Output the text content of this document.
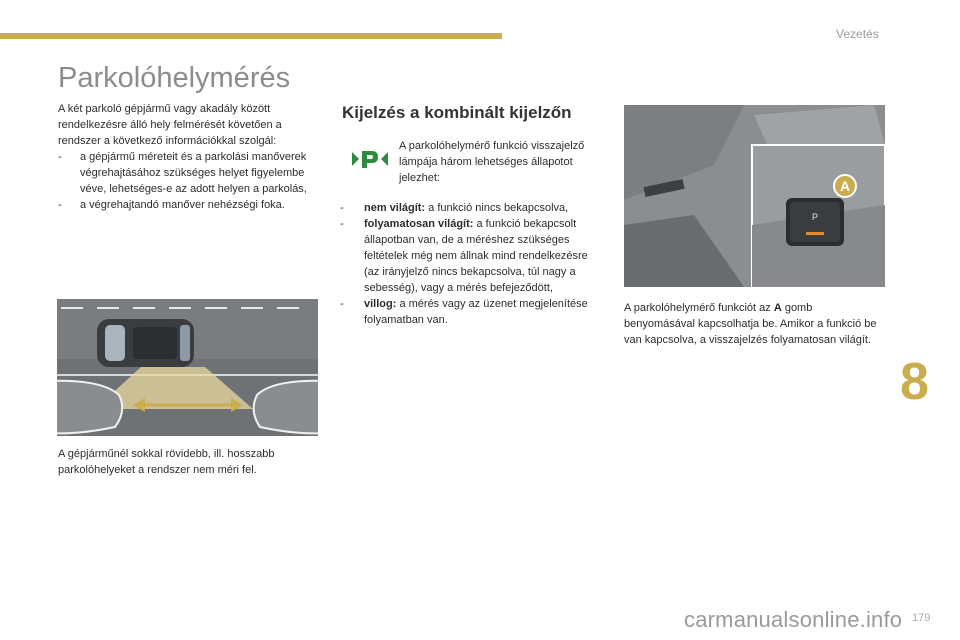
Vezetés
Parkolóhelymérés
A két parkoló gépjármű vagy akadály között rendelkezésre álló hely felmérését követően a rendszer a következő információkkal szolgál:
- a gépjármű méreteit és a parkolási manőverek végrehajtásához szükséges helyet figyelembe véve, lehetséges-e az adott helyen a parkolás,
- a végrehajtandó manőver nehézségi foka.
A gépjárműnél sokkal rövidebb, ill. hosszabb parkolóhelyeket a rendszer nem méri fel.
Kijelzés a kombinált kijelzőn
A parkolóhelymérő funkció visszajelző lámpája három lehetséges állapotot jelezhet:
- nem világít: a funkció nincs bekapcsolva,
- folyamatosan világít: a funkció bekapcsolt állapotban van, de a méréshez szükséges feltételek még nem állnak mind rendelkezésre (az irányjelző nincs bekapcsolva, túl nagy a sebesség), vagy a mérés befejeződött,
- villog: a mérés vagy az üzenet megjelenítése folyamatban van.
P
A
A parkolóhelymérő funkciót az A gomb benyomásával kapcsolhatja be. Amikor a funkció be van kapcsolva, a visszajelzés folyamatosan világít.
8
179
carmanualsonline.info
